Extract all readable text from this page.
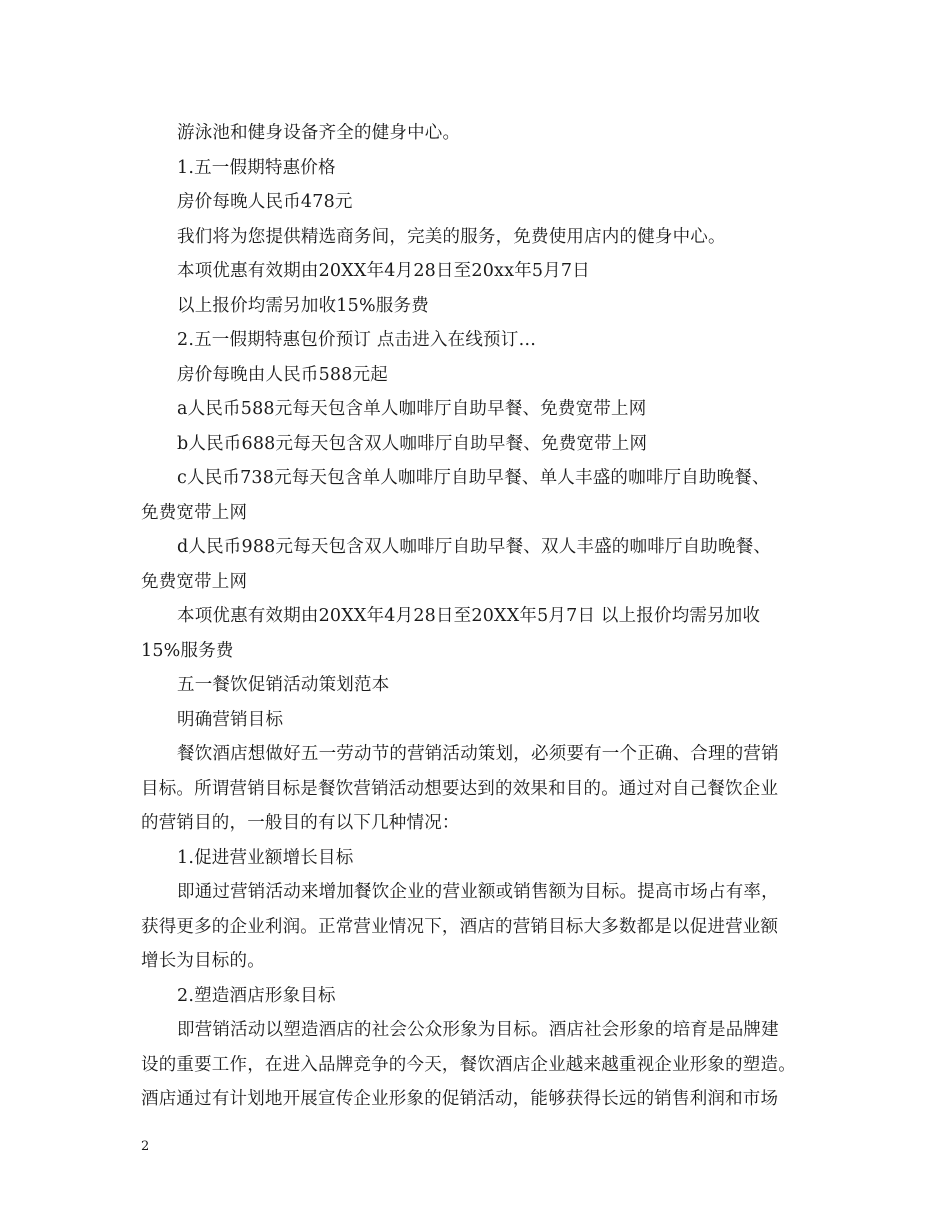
游泳池和健身设备齐全的健身中心。
1.五一假期特惠价格
房价每晚人民币478元
我们将为您提供精选商务间，完美的服务，免费使用店内的健身中心。
本项优惠有效期由20XX年4月28日至20xx年5月7日
以上报价均需另加收15%服务费
2.五一假期特惠包价预订 点击进入在线预订…
房价每晚由人民币588元起
a人民币588元每天包含单人咖啡厅自助早餐、免费宽带上网
b人民币688元每天包含双人咖啡厅自助早餐、免费宽带上网
c人民币738元每天包含单人咖啡厅自助早餐、单人丰盛的咖啡厅自助晚餐、
免费宽带上网
d人民币988元每天包含双人咖啡厅自助早餐、双人丰盛的咖啡厅自助晚餐、
免费宽带上网
本项优惠有效期由20XX年4月28日至20XX年5月7日 以上报价均需另加收
15%服务费
五一餐饮促销活动策划范本
明确营销目标
餐饮酒店想做好五一劳动节的营销活动策划，必须要有一个正确、合理的营销
目标。所谓营销目标是餐饮营销活动想要达到的效果和目的。通过对自己餐饮企业
的营销目的，一般目的有以下几种情况：
1.促进营业额增长目标
即通过营销活动来增加餐饮企业的营业额或销售额为目标。提高市场占有率，
获得更多的企业利润。正常营业情况下，酒店的营销目标大多数都是以促进营业额
增长为目标的。
2.塑造酒店形象目标
即营销活动以塑造酒店的社会公众形象为目标。酒店社会形象的培育是品牌建
设的重要工作，在进入品牌竞争的今天，餐饮酒店企业越来越重视企业形象的塑造。
酒店通过有计划地开展宣传企业形象的促销活动，能够获得长远的销售利润和市场
2
